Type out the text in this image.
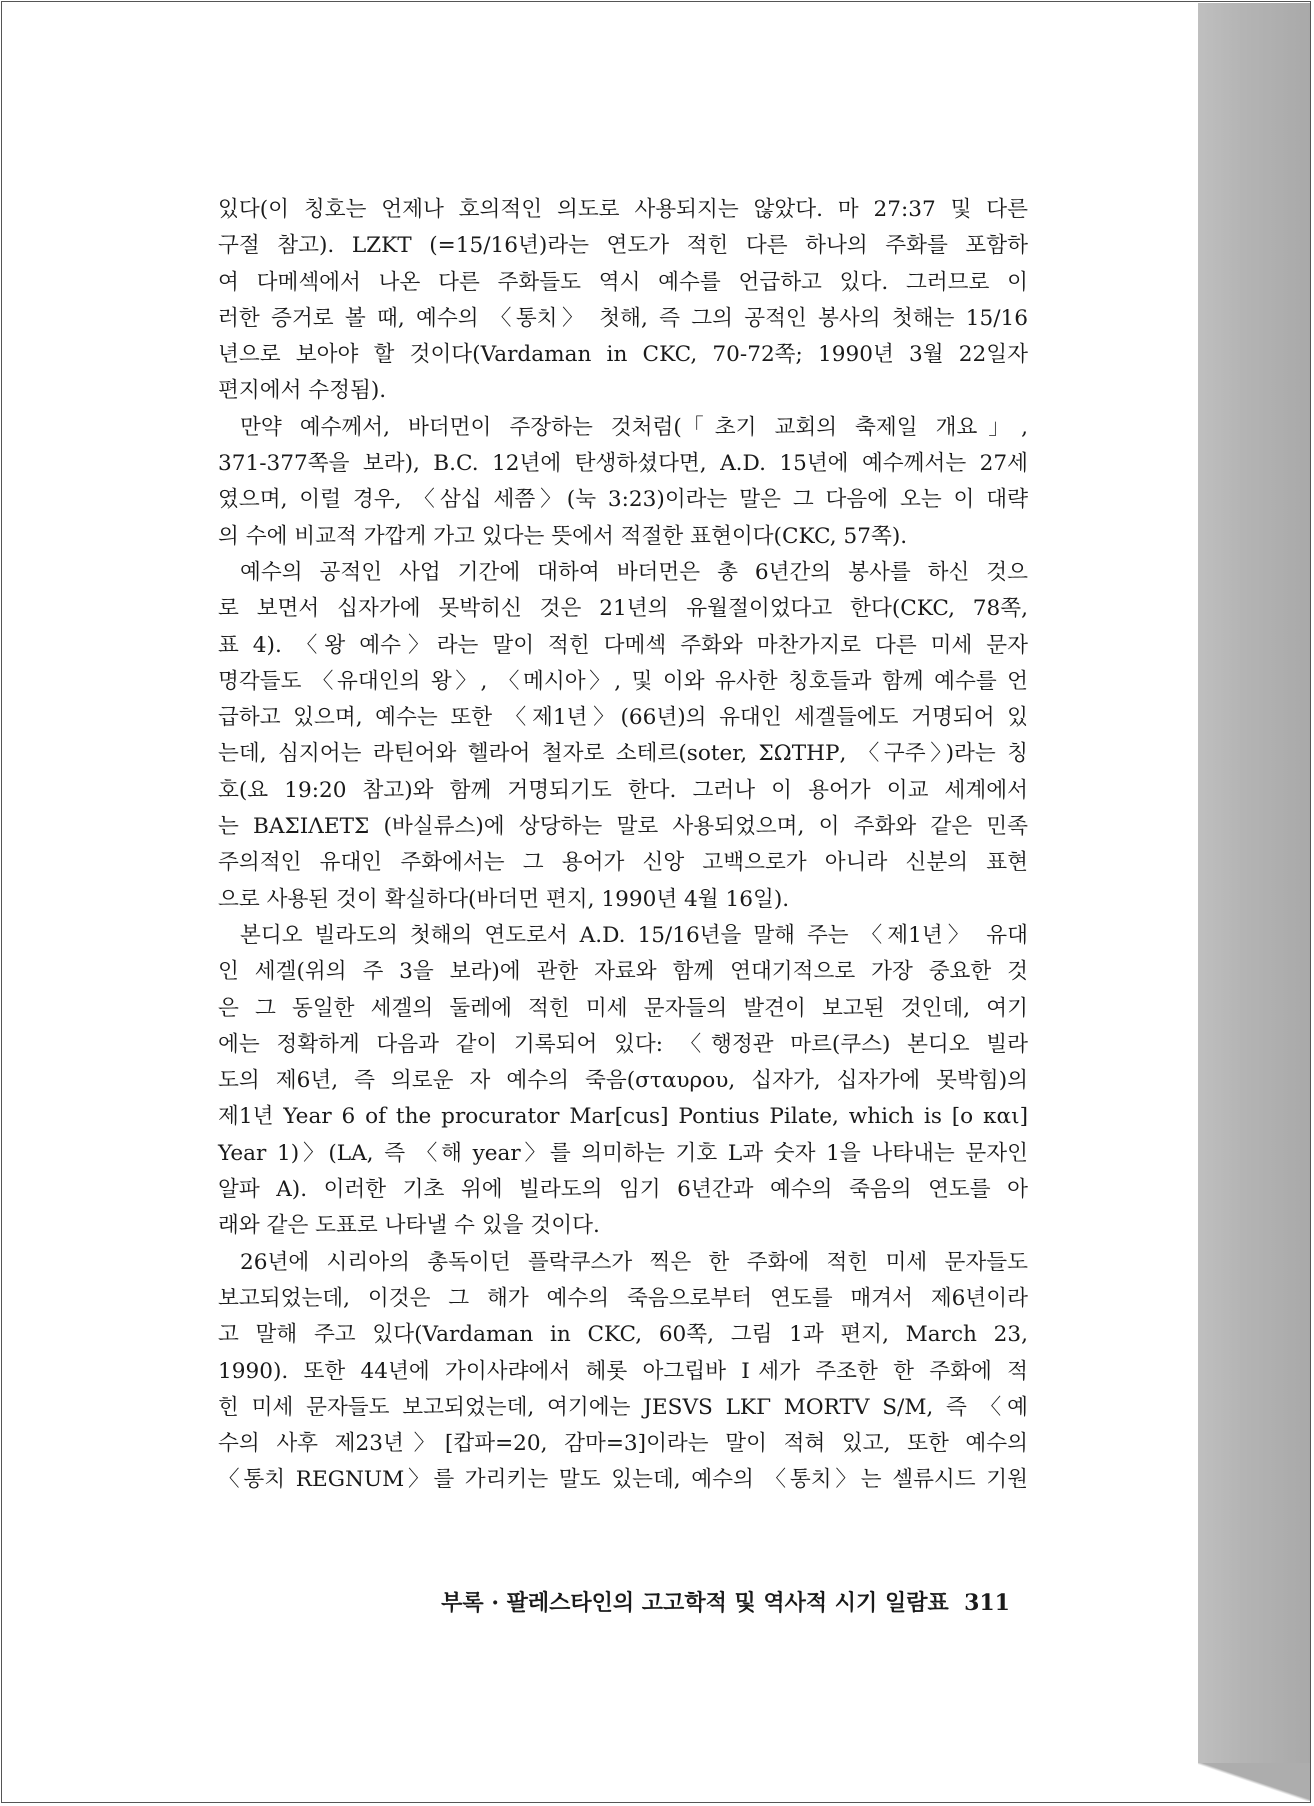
있다(이 칭호는 언제나 호의적인 의도로 사용되지는 않았다. 마 27:37 및 다른
구절 참고). LZKT (=15/16년)라는 연도가 적힌 다른 하나의 주화를 포함하
여 다메섹에서 나온 다른 주화들도 역시 예수를 언급하고 있다. 그러므로 이
러한 증거로 볼 때, 예수의 〈통치〉 첫해, 즉 그의 공적인 봉사의 첫해는 15/16
년으로 보아야 할 것이다(Vardaman in CKC, 70-72쪽; 1990년 3월 22일자
편지에서 수정됨).

만약 예수께서, 바더먼이 주장하는 것처럼(「초기 교회의 축제일 개요」,
371-377쪽을 보라), B.C. 12년에 탄생하셨다면, A.D. 15년에 예수께서는 27세
였으며, 이럴 경우, 〈삼십 세쯤〉(눅 3:23)이라는 말은 그 다음에 오는 이 대략
의 수에 비교적 가깝게 가고 있다는 뜻에서 적절한 표현이다(CKC, 57쪽).

예수의 공적인 사업 기간에 대하여 바더먼은 총 6년간의 봉사를 하신 것으
로 보면서 십자가에 못박히신 것은 21년의 유월절이었다고 한다(CKC, 78쪽,
표 4). 〈왕 예수〉라는 말이 적힌 다메섹 주화와 마찬가지로 다른 미세 문자
명각들도 〈유대인의 왕〉, 〈메시아〉, 및 이와 유사한 칭호들과 함께 예수를 언
급하고 있으며, 예수는 또한 〈제1년〉(66년)의 유대인 세겔들에도 거명되어 있
는데, 심지어는 라틴어와 헬라어 철자로 소테르(soter, ΣΩΤΗΡ, 〈구주〉)라는 칭
호(요 19:20 참고)와 함께 거명되기도 한다. 그러나 이 용어가 이교 세계에서
는 ΒΑΣΙΛΕΤΣ (바실류스)에 상당하는 말로 사용되었으며, 이 주화와 같은 민족
주의적인 유대인 주화에서는 그 용어가 신앙 고백으로가 아니라 신분의 표현
으로 사용된 것이 확실하다(바더먼 편지, 1990년 4월 16일).

본디오 빌라도의 첫해의 연도로서 A.D. 15/16년을 말해 주는 〈제1년〉 유대
인 세겔(위의 주 3을 보라)에 관한 자료와 함께 연대기적으로 가장 중요한 것
은 그 동일한 세겔의 둘레에 적힌 미세 문자들의 발견이 보고된 것인데, 여기
에는 정확하게 다음과 같이 기록되어 있다: 〈행정관 마르(쿠스) 본디오 빌라
도의 제6년, 즉 의로운 자 예수의 죽음(σταυρου, 십자가, 십자가에 못박힘)의
제1년 Year 6 of the procurator Mar[cus] Pontius Pilate, which is [ο και]
Year 1)〉(LA, 즉 〈해 year〉를 의미하는 기호 L과 숫자 1을 나타내는 문자인
알파 A). 이러한 기초 위에 빌라도의 임기 6년간과 예수의 죽음의 연도를 아
래와 같은 도표로 나타낼 수 있을 것이다.

26년에 시리아의 총독이던 플락쿠스가 찍은 한 주화에 적힌 미세 문자들도
보고되었는데, 이것은 그 해가 예수의 죽음으로부터 연도를 매겨서 제6년이라
고 말해 주고 있다(Vardaman in CKC, 60쪽, 그림 1과 편지, March 23,
1990). 또한 44년에 가이사랴에서 헤롯 아그립바 Ⅰ세가 주조한 한 주화에 적
힌 미세 문자들도 보고되었는데, 여기에는 JESVS LKΓ MORTV S/M, 즉 〈예
수의 사후 제23년〉[캅파=20, 감마=3]이라는 말이 적혀 있고, 또한 예수의
〈통치 REGNUM〉를 가리키는 말도 있는데, 예수의 〈통치〉는 셀류시드 기원

부록 · 팔레스타인의 고고학적 및 역사적 시기 일람표 311
